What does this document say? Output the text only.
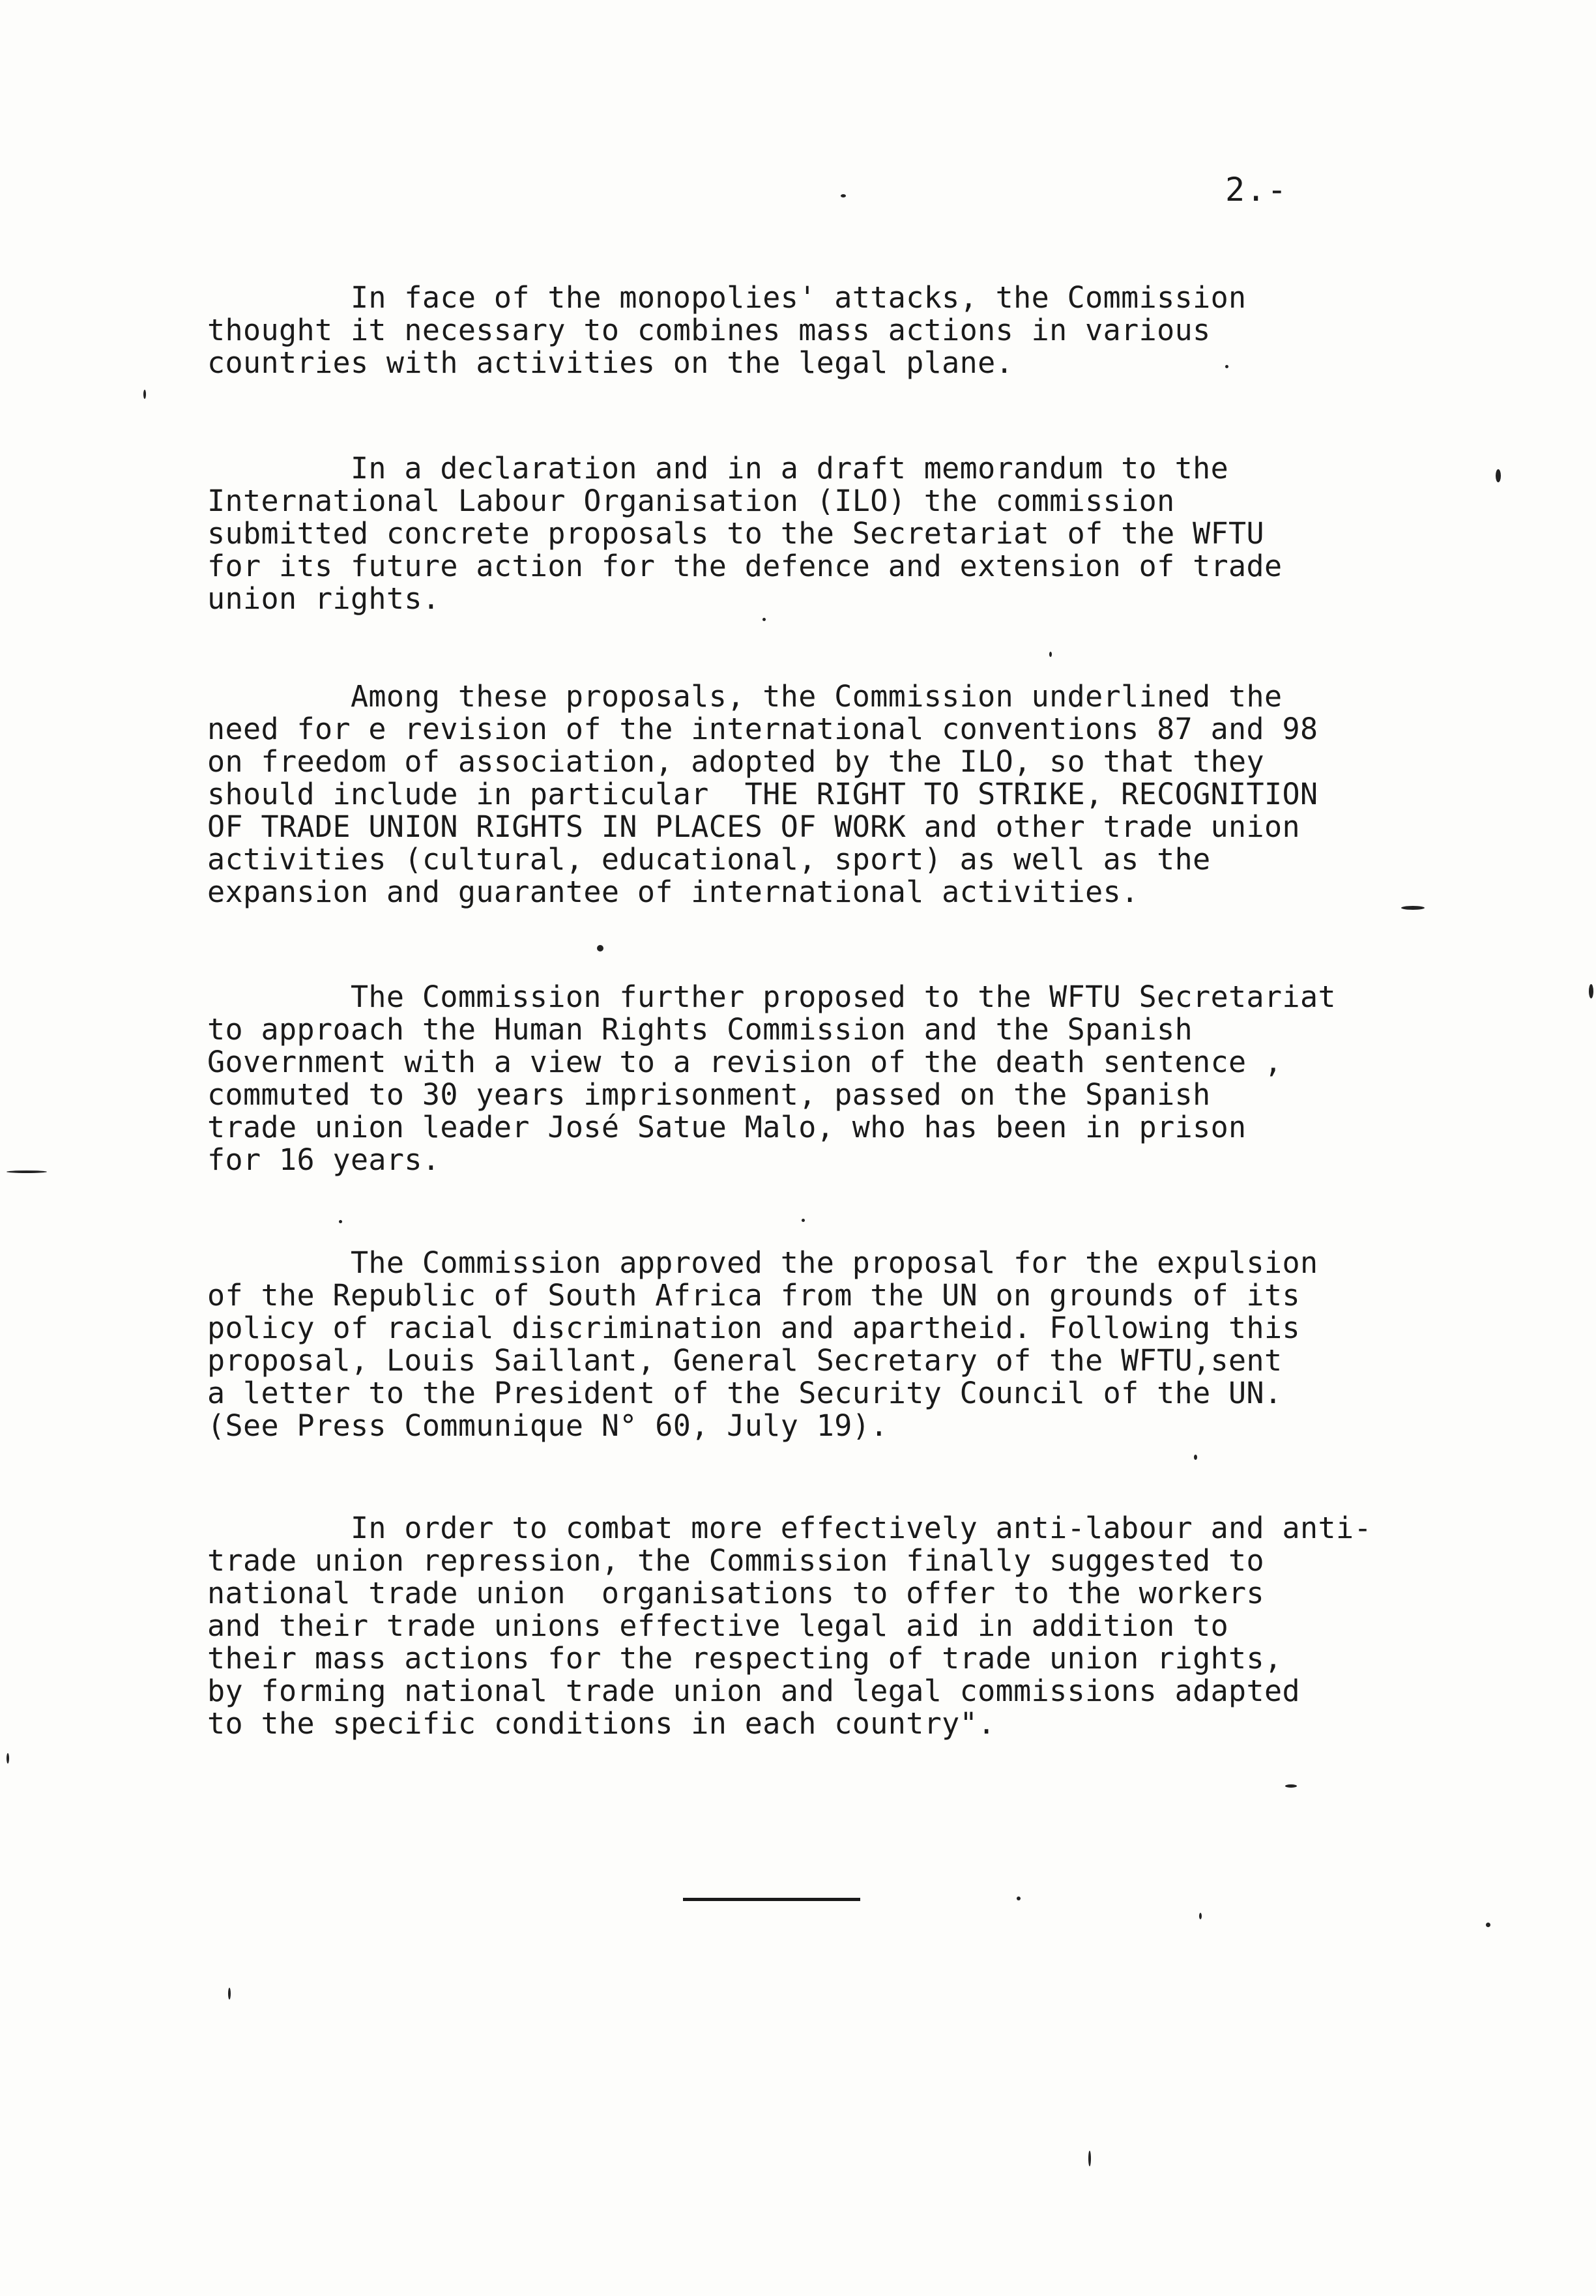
2.-

In face of the monopolies' attacks, the Commission
thought it necessary to combines mass actions in various
countries with activities on the legal plane.

In a declaration and in a draft memorandum to the
International Labour Organisation (ILO) the commission
submitted concrete proposals to the Secretariat of the WFTU
for its future action for the defence and extension of trade
union rights.

Among these proposals, the Commission underlined the
need for e revision of the international conventions 87 and 98
on freedom of association, adopted by the ILO, so that they
should include in particular  THE RIGHT TO STRIKE, RECOGNITION
OF TRADE UNION RIGHTS IN PLACES OF WORK and other trade union
activities (cultural, educational, sport) as well as the
expansion and guarantee of international activities.

The Commission further proposed to the WFTU Secretariat
to approach the Human Rights Commission and the Spanish
Government with a view to a revision of the death sentence ,
commuted to 30 years imprisonment, passed on the Spanish
trade union leader José Satue Malo, who has been in prison
for 16 years.

The Commission approved the proposal for the expulsion
of the Republic of South Africa from the UN on grounds of its
policy of racial discrimination and apartheid. Following this
proposal, Louis Saillant, General Secretary of the WFTU,sent
a letter to the President of the Security Council of the UN.
(See Press Communique N° 60, July 19).

In order to combat more effectively anti-labour and anti-
trade union repression, the Commission finally suggested to
national trade union  organisations to offer to the workers
and their trade unions effective legal aid in addition to
their mass actions for the respecting of trade union rights,
by forming national trade union and legal commissions adapted
to the specific conditions in each country".
